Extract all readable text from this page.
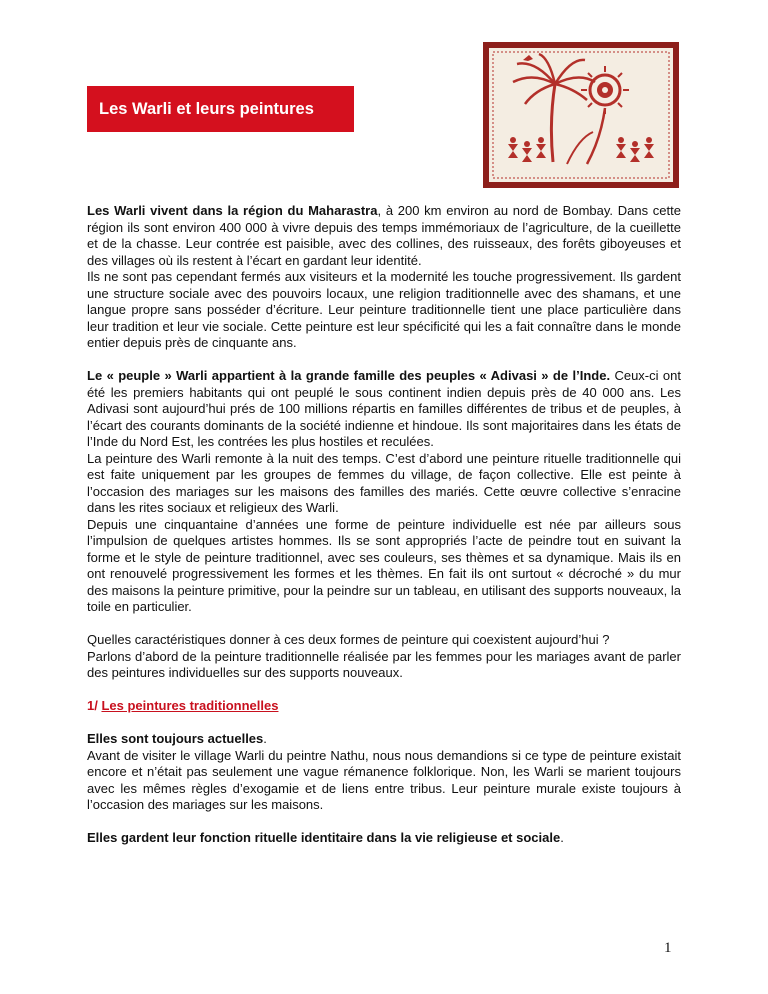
Les Warli et leurs peintures

Les Warli vivent dans la région du Maharastra, à 200 km environ au nord de Bombay. Dans cette région ils sont environ 400 000 à vivre depuis des temps immémoriaux de l’agriculture, de la cueillette et de la chasse. Leur contrée est paisible, avec des collines, des ruisseaux, des forêts giboyeuses et des villages où ils restent à l’écart en gardant leur identité.

Ils ne sont pas cependant fermés aux visiteurs et la modernité les touche progressivement. Ils gardent une structure sociale avec des pouvoirs locaux, une religion traditionnelle avec des shamans, et une langue propre sans posséder d’écriture. Leur peinture traditionnelle tient une place particulière dans leur tradition et leur vie sociale. Cette peinture est leur spécificité qui les a fait connaître dans le monde entier depuis près de cinquante ans.

Le « peuple » Warli appartient à la grande famille des peuples « Adivasi » de l’Inde. Ceux-ci ont été les premiers habitants qui ont peuplé le sous continent indien depuis près de 40 000 ans. Les Adivasi sont aujourd’hui prés de 100 millions répartis en familles différentes de tribus et de peuples, à l’écart des courants dominants de la société indienne et hindoue. Ils sont majoritaires dans les états de l’Inde du Nord Est, les contrées les plus hostiles et reculées.

La peinture des Warli remonte à la nuit des temps. C’est d’abord une peinture rituelle traditionnelle qui est faite uniquement par les groupes de femmes du village, de façon collective. Elle est peinte à l’occasion des mariages sur les maisons des familles des mariés. Cette œuvre collective s’enracine dans les rites sociaux et religieux des Warli.

Depuis une cinquantaine d’années une forme de peinture individuelle est née par ailleurs sous l’impulsion de quelques artistes hommes. Ils se sont appropriés l’acte de peindre tout en suivant la forme et le style de peinture traditionnel, avec ses couleurs, ses thèmes et sa dynamique. Mais ils en ont renouvelé progressivement les formes et les thèmes. En fait ils ont surtout « décroché » du mur des maisons la peinture primitive, pour la peindre sur un tableau, en utilisant des supports nouveaux, la toile en particulier.

Quelles caractéristiques donner à ces deux formes de peinture qui coexistent aujourd’hui ?

Parlons d’abord de la peinture traditionnelle réalisée par les femmes pour les mariages avant de parler des peintures individuelles sur des supports nouveaux.

1/ Les peintures traditionnelles

Elles sont toujours actuelles.

Avant de visiter le village Warli du peintre Nathu, nous nous demandions si ce type de peinture existait encore et n’était pas seulement une vague rémanence folklorique. Non, les Warli se marient toujours avec les mêmes règles d’exogamie et de liens entre tribus. Leur peinture murale existe toujours à l’occasion des mariages sur les maisons.

Elles gardent leur fonction rituelle identitaire dans la vie religieuse et sociale.

1
